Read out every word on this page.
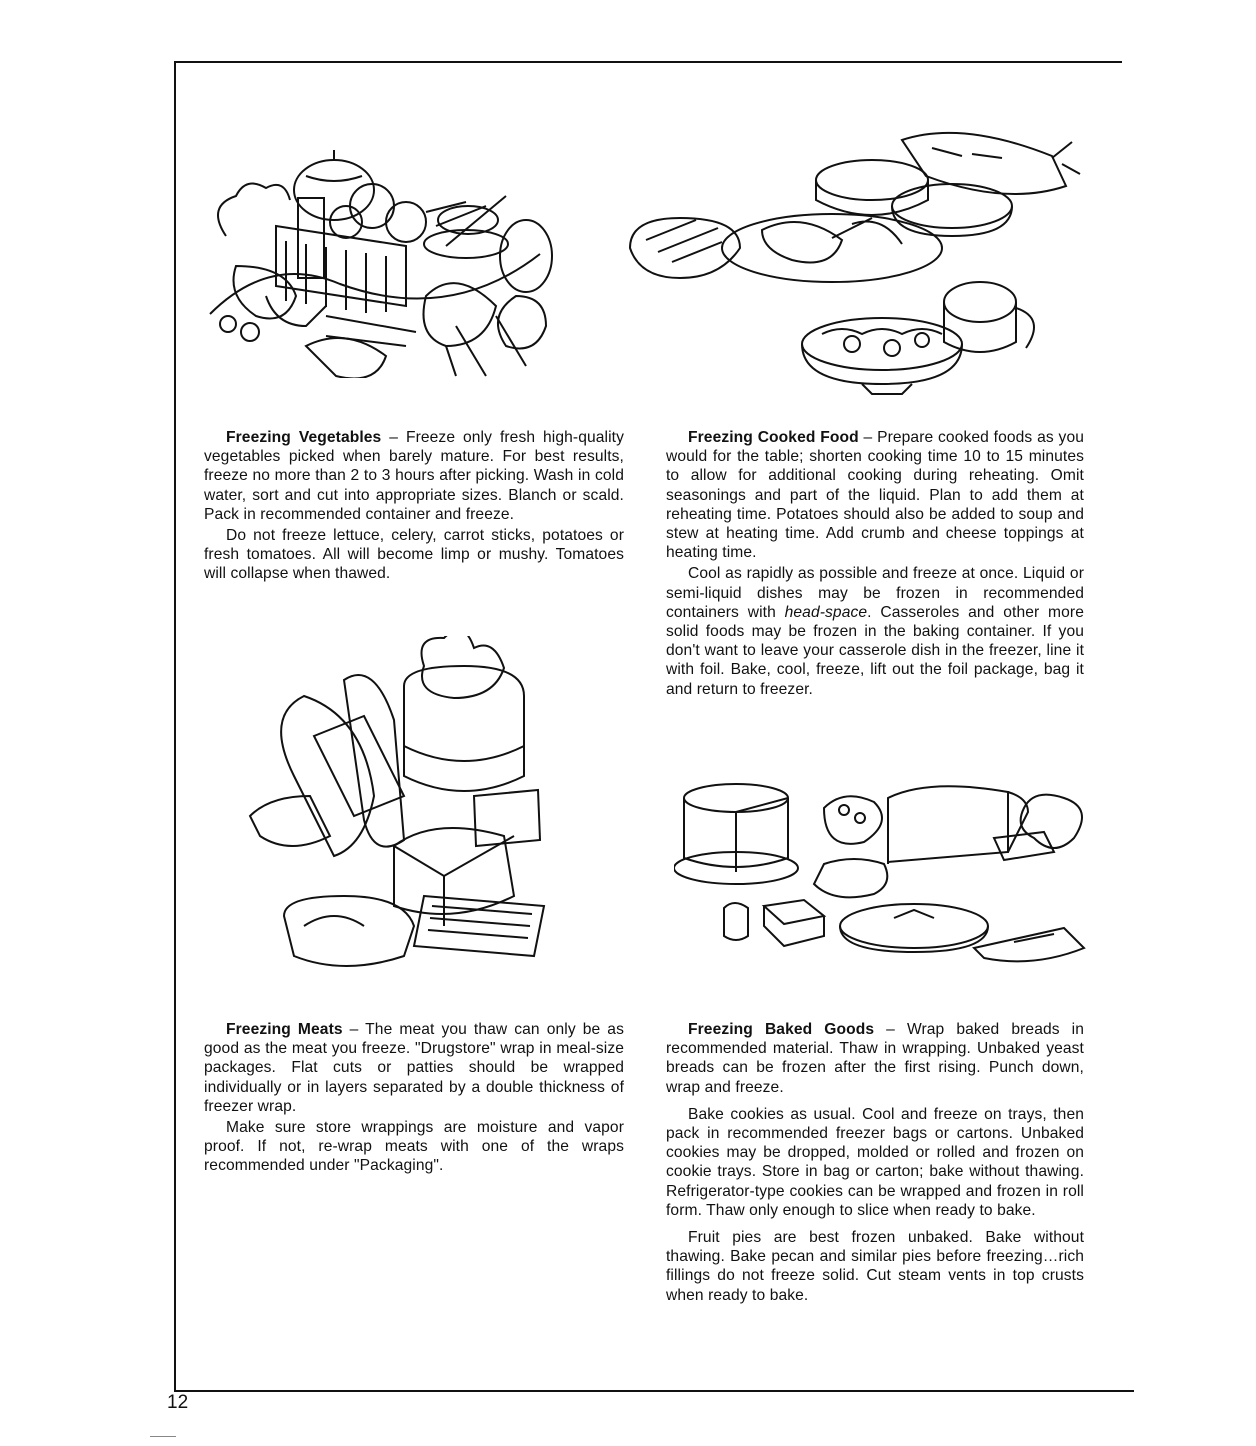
12

Freezing Vegetables – Freeze only fresh high-quality vegetables picked when barely mature. For best results, freeze no more than 2 to 3 hours after picking. Wash in cold water, sort and cut into appropriate sizes. Blanch or scald. Pack in recommended container and freeze.

Do not freeze lettuce, celery, carrot sticks, potatoes or fresh tomatoes. All will become limp or mushy. Tomatoes will collapse when thawed.

Freezing Cooked Food – Prepare cooked foods as you would for the table; shorten cooking time 10 to 15 minutes to allow for additional cooking during reheating. Omit seasonings and part of the liquid. Plan to add them at reheating time. Potatoes should also be added to soup and stew at heating time. Add crumb and cheese toppings at heating time.

Cool as rapidly as possible and freeze at once. Liquid or semi-liquid dishes may be frozen in recommended containers with head-space. Casseroles and other more solid foods may be frozen in the baking container. If you don't want to leave your casserole dish in the freezer, line it with foil. Bake, cool, freeze, lift out the foil package, bag it and return to freezer.

Freezing Meats – The meat you thaw can only be as good as the meat you freeze. "Drugstore" wrap in meal-size packages. Flat cuts or patties should be wrapped individually or in layers separated by a double thickness of freezer wrap.

Make sure store wrappings are moisture and vapor proof. If not, re-wrap meats with one of the wraps recommended under "Packaging".

Freezing Baked Goods – Wrap baked breads in recommended material. Thaw in wrapping. Unbaked yeast breads can be frozen after the first rising. Punch down, wrap and freeze.

Bake cookies as usual. Cool and freeze on trays, then pack in recommended freezer bags or cartons. Unbaked cookies may be dropped, molded or rolled and frozen on cookie trays. Store in bag or carton; bake without thawing. Refrigerator-type cookies can be wrapped and frozen in roll form. Thaw only enough to slice when ready to bake.

Fruit pies are best frozen unbaked. Bake without thawing. Bake pecan and similar pies before freezing…rich fillings do not freeze solid. Cut steam vents in top crusts when ready to bake.
